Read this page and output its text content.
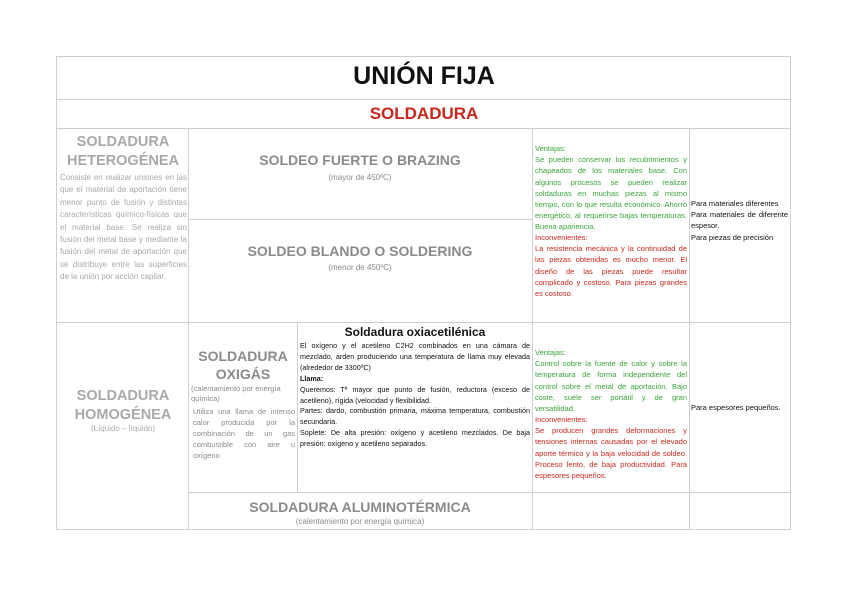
UNIÓN FIJA
SOLDADURA
SOLDADURA HETEROGÉNEA
Consiste en realizar uniones en las que el material de aportación tiene menor punto de fusión y distintas características químico-físicas que el material base. Se realiza sin fusión del metal base y mediante la fusión del metal de aportación que se distribuye entre las superficies de la unión por acción capilar.
SOLDEO FUERTE O BRAZING
(mayor de 450ºC)
SOLDEO BLANDO O SOLDERING
(menor de 450ºC)
Ventajas:
Se pueden conservar los recubrimientos y chapeados de los materiales base. Con algunos procesos se pueden realizar soldaduras en muchas piezas al mismo tiempo, con lo que resulta económico. Ahorro energético, al requerirse bajas temperaturas. Buena apariencia.
Inconvenientes:
La resistencia mecánica y la continuidad de las piezas obtenidas es mucho menor. El diseño de las piezas puede resultar complicado y costoso. Para piezas grandes es costoso.
Para materiales diferentes
Para materiales de diferente espesor.
Para piezas de precisión
SOLDADURA HOMOGÉNEA
(Líquido – líquido)
SOLDADURA OXIGÁS
(calentamiento por energía química)
Utiliza una llama de intenso calor producida por la combinación de un gas combustible con aire u oxígeno
Soldadura oxiacetilénica
El oxígeno y el acetileno C2H2 combinados en una cámara de mezclado, arden produciendo una temperatura de llama muy elevada (alrededor de 3300ºC)
Llama:
Queremos: Tª mayor que punto de fusión, reductora (exceso de acetileno), rígida (velocidad y flexibilidad.
Partes: dardo, combustión primaria, máxima temperatura, combustión secundaria.
Soplete: De alta presión: oxígeno y acetileno mezclados. De baja presión: oxígeno y acetileno separados.
Ventajas:
Control sobre la fuente de calor y sobre la temperatura de forma independiente del control sobre el metal de aportación. Bajo coste, suele ser portátil y de gran versatilidad.
Inconvenientes:
Se producen grandes deformaciones y tensiones internas causadas por el elevado aporte térmico y la baja velocidad de soldeo. Proceso lento, de baja productividad. Para espesores pequeños.
Para espesores pequeños.
SOLDADURA ALUMINOTÉRMICA
(calentamiento por energía química)
